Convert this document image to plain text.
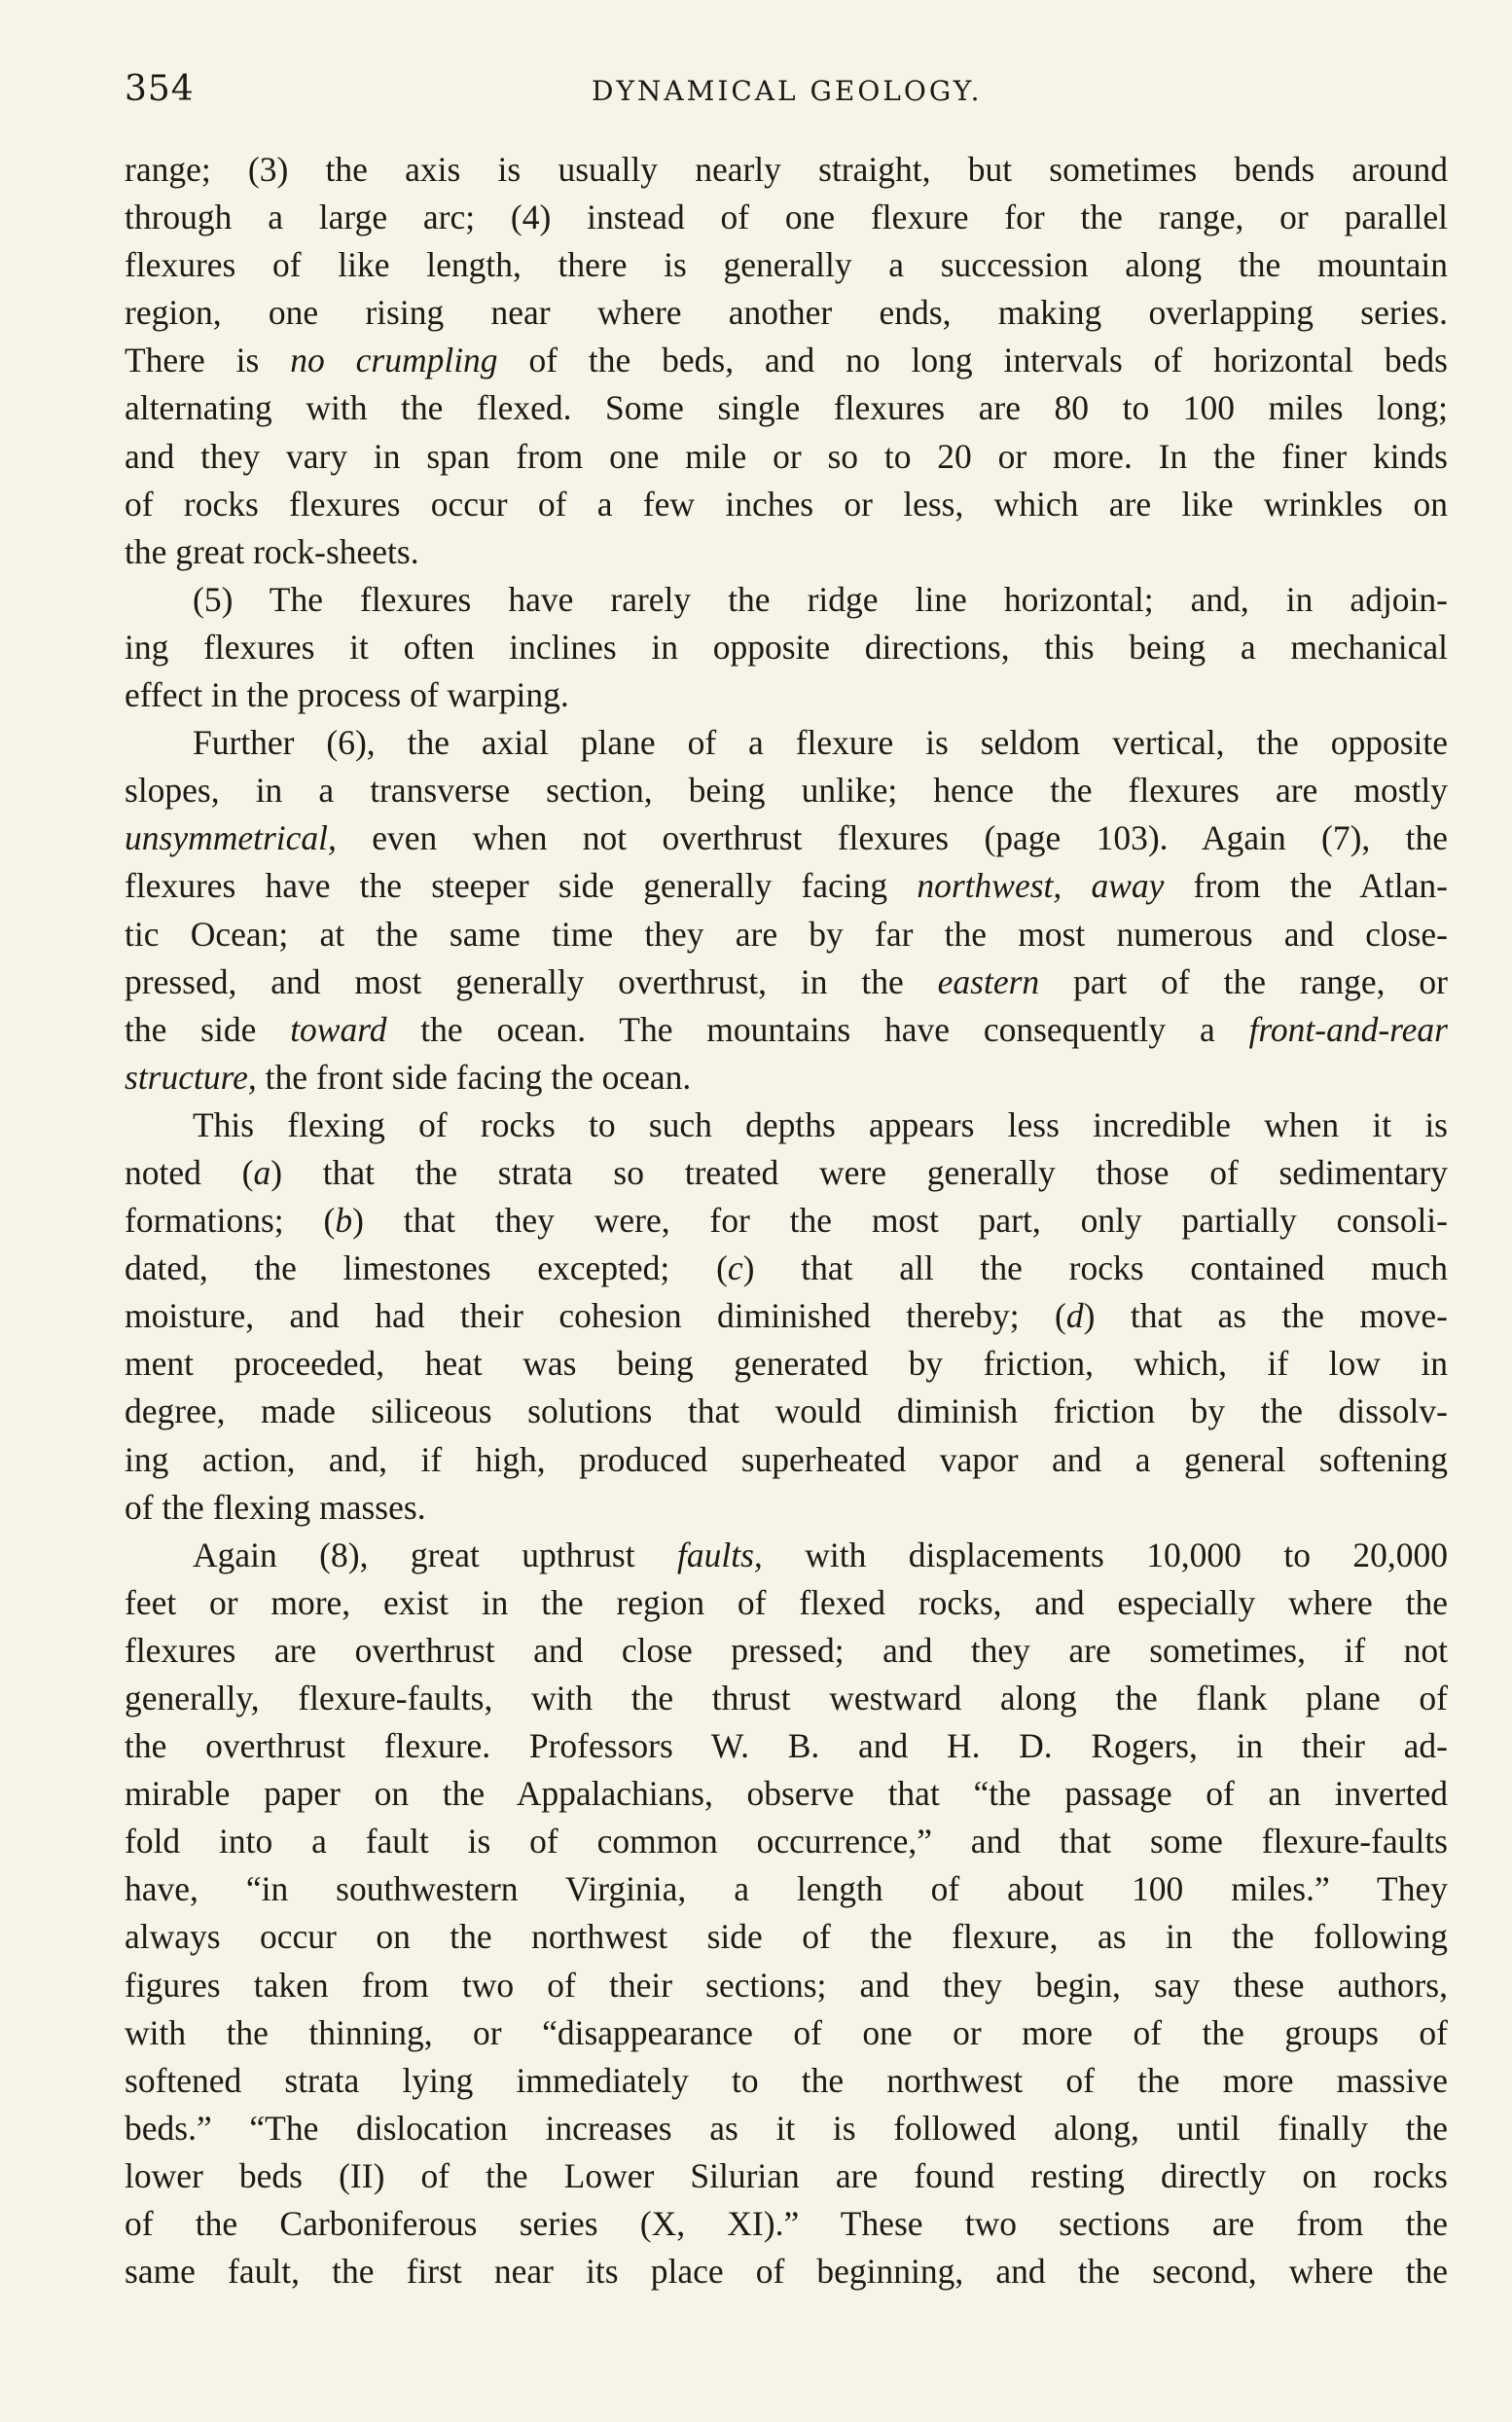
354	DYNAMICAL GEOLOGY.
range; (3) the axis is usually nearly straight, but sometimes bends around
through a large arc; (4) instead of one flexure for the range, or parallel
flexures of like length, there is generally a succession along the mountain
region, one rising near where another ends, making overlapping series.
There is no crumpling of the beds, and no long intervals of horizontal beds
alternating with the flexed. Some single flexures are 80 to 100 miles long;
and they vary in span from one mile or so to 20 or more. In the finer kinds
of rocks flexures occur of a few inches or less, which are like wrinkles on
the great rock-sheets.
(5) The flexures have rarely the ridge line horizontal; and, in adjoin-
ing flexures it often inclines in opposite directions, this being a mechanical
effect in the process of warping.
Further (6), the axial plane of a flexure is seldom vertical, the opposite
slopes, in a transverse section, being unlike; hence the flexures are mostly
unsymmetrical, even when not overthrust flexures (page 103). Again (7), the
flexures have the steeper side generally facing northwest, away from the Atlan-
tic Ocean; at the same time they are by far the most numerous and close-
pressed, and most generally overthrust, in the eastern part of the range, or
the side toward the ocean. The mountains have consequently a front-and-rear
structure, the front side facing the ocean.
This flexing of rocks to such depths appears less incredible when it is
noted (a) that the strata so treated were generally those of sedimentary
formations; (b) that they were, for the most part, only partially consoli-
dated, the limestones excepted; (c) that all the rocks contained much
moisture, and had their cohesion diminished thereby; (d) that as the move-
ment proceeded, heat was being generated by friction, which, if low in
degree, made siliceous solutions that would diminish friction by the dissolv-
ing action, and, if high, produced superheated vapor and a general softening
of the flexing masses.
Again (8), great upthrust faults, with displacements 10,000 to 20,000
feet or more, exist in the region of flexed rocks, and especially where the
flexures are overthrust and close pressed; and they are sometimes, if not
generally, flexure-faults, with the thrust westward along the flank plane of
the overthrust flexure. Professors W. B. and H. D. Rogers, in their ad-
mirable paper on the Appalachians, observe that “the passage of an inverted
fold into a fault is of common occurrence,” and that some flexure-faults
have, “in southwestern Virginia, a length of about 100 miles.” They
always occur on the northwest side of the flexure, as in the following
figures taken from two of their sections; and they begin, say these authors,
with the thinning, or “disappearance of one or more of the groups of
softened strata lying immediately to the northwest of the more massive
beds.” “The dislocation increases as it is followed along, until finally the
lower beds (II) of the Lower Silurian are found resting directly on rocks
of the Carboniferous series (X, XI).” These two sections are from the
same fault, the first near its place of beginning, and the second, where the
